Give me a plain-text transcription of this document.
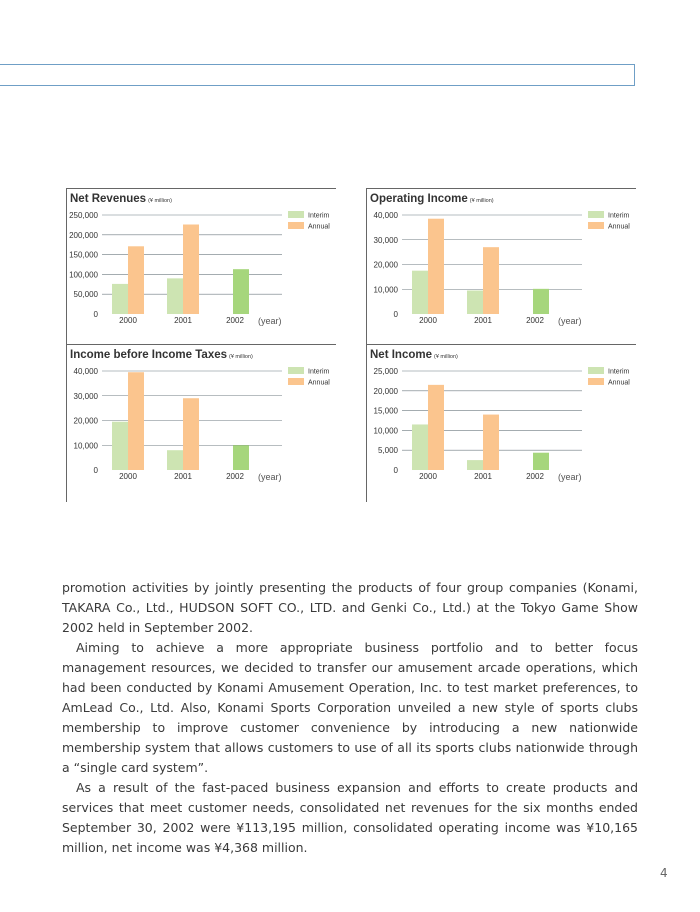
Net Revenues (¥ million)
0
50,000
100,000
150,000
200,000
250,000
2000	2001	2002 (year)
Interim
Annual
Operating Income (¥ million)
0
10,000
20,000
30,000
40,000
2000	2001	2002 (year)
Interim
Annual
Income before Income Taxes (¥ million)
0
10,000
20,000
30,000
40,000
2000	2001	2002 (year)
Interim
Annual
Net Income (¥ million)
0
5,000
10,000
15,000
20,000
25,000
2000	2001	2002 (year)
Interim
Annual

promotion activities by jointly presenting the products of four group companies (Konami, TAKARA Co., Ltd., HUDSON SOFT CO., LTD. and Genki Co., Ltd.) at the Tokyo Game Show 2002 held in September 2002.

Aiming to achieve a more appropriate business portfolio and to better focus management resources, we decided to transfer our amusement arcade operations, which had been conducted by Konami Amusement Operation, Inc. to test market preferences, to AmLead Co., Ltd. Also, Konami Sports Corporation unveiled a new style of sports clubs membership to improve customer convenience by introducing a new nationwide membership system that allows customers to use of all its sports clubs nationwide through a “single card system”.

As a result of the fast-paced business expansion and efforts to create products and services that meet customer needs, consolidated net revenues for the six months ended September 30, 2002 were ¥113,195 million, consolidated operating income was ¥10,165 million, net income was ¥4,368 million.

4
